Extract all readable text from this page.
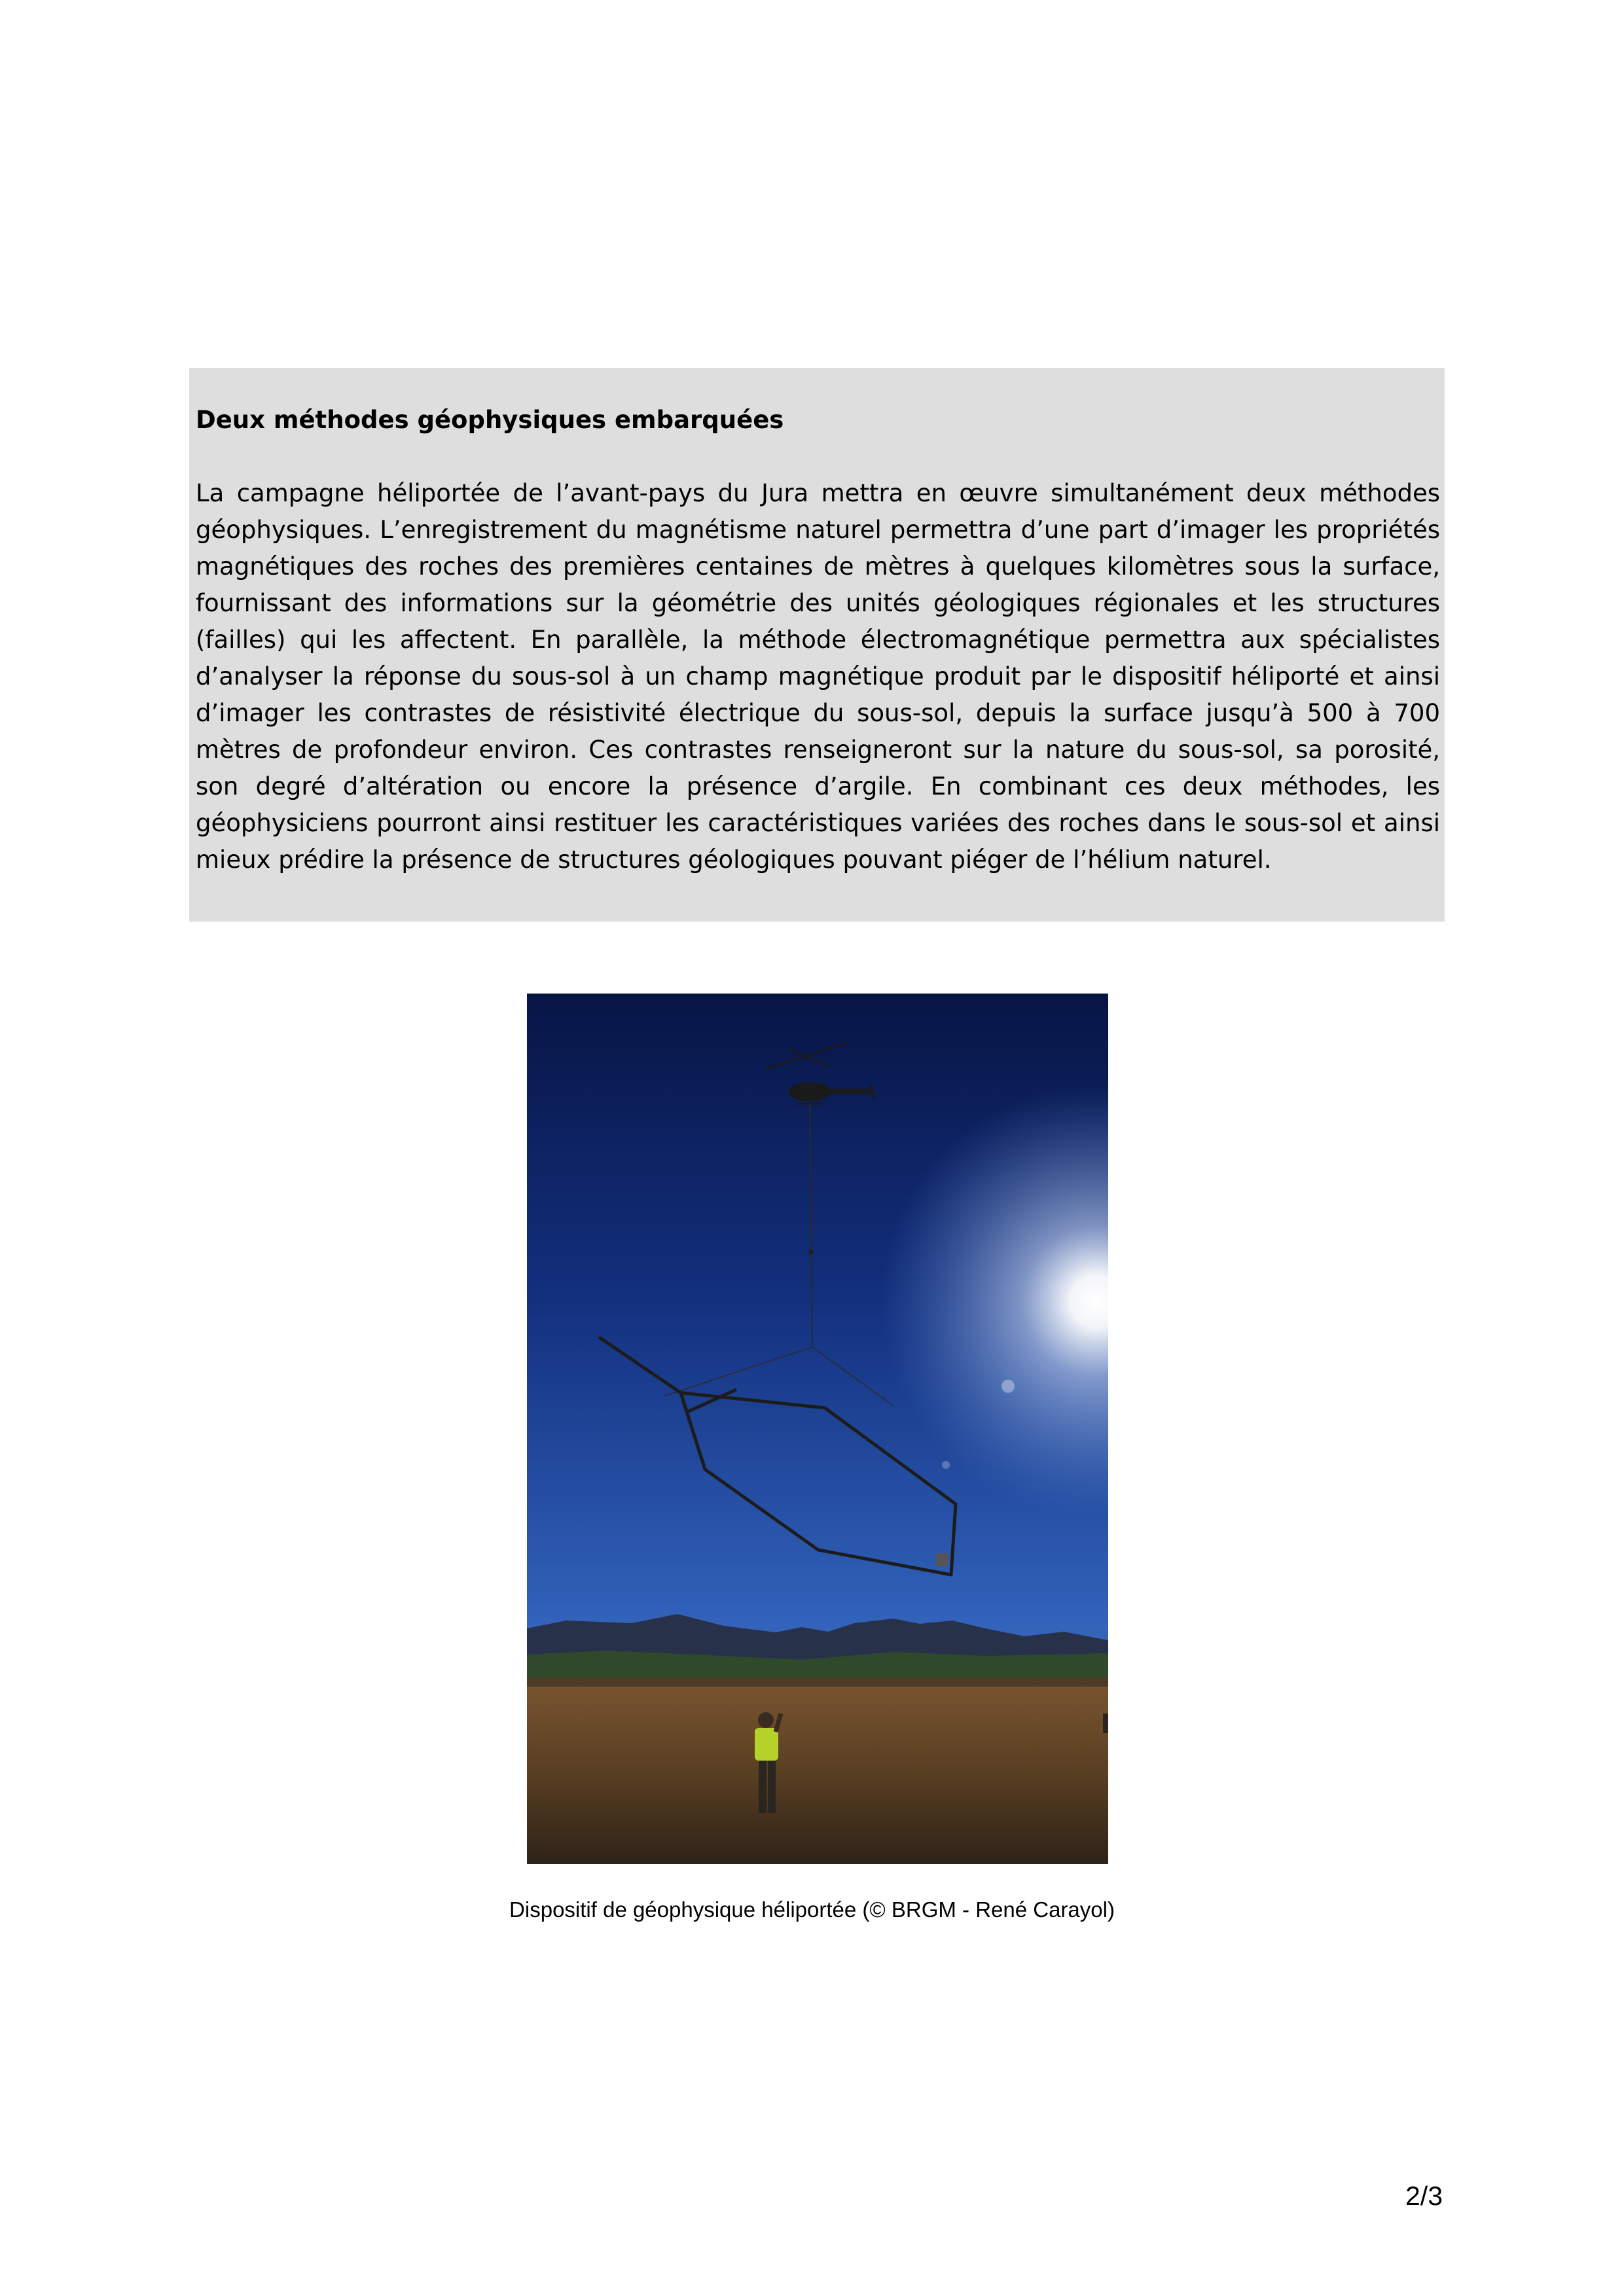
Deux méthodes géophysiques embarquées

La campagne héliportée de l’avant-pays du Jura mettra en œuvre simultanément deux méthodes géophysiques. L’enregistrement du magnétisme naturel permettra d’une part d’imager les propriétés magnétiques des roches des premières centaines de mètres à quelques kilomètres sous la surface, fournissant des informations sur la géométrie des unités géologiques régionales et les structures (failles) qui les affectent. En parallèle, la méthode électromagnétique permettra aux spécialistes d’analyser la réponse du sous-sol à un champ magnétique produit par le dispositif héliporté et ainsi d’imager les contrastes de résistivité électrique du sous-sol, depuis la surface jusqu’à 500 à 700 mètres de profondeur environ. Ces contrastes renseigneront sur la nature du sous-sol, sa porosité, son degré d’altération ou encore la présence d’argile. En combinant ces deux méthodes, les géophysiciens pourront ainsi restituer les caractéristiques variées des roches dans le sous-sol et ainsi mieux prédire la présence de structures géologiques pouvant piéger de l’hélium naturel.

Dispositif de géophysique héliportée (© BRGM - René Carayol)
2/3
